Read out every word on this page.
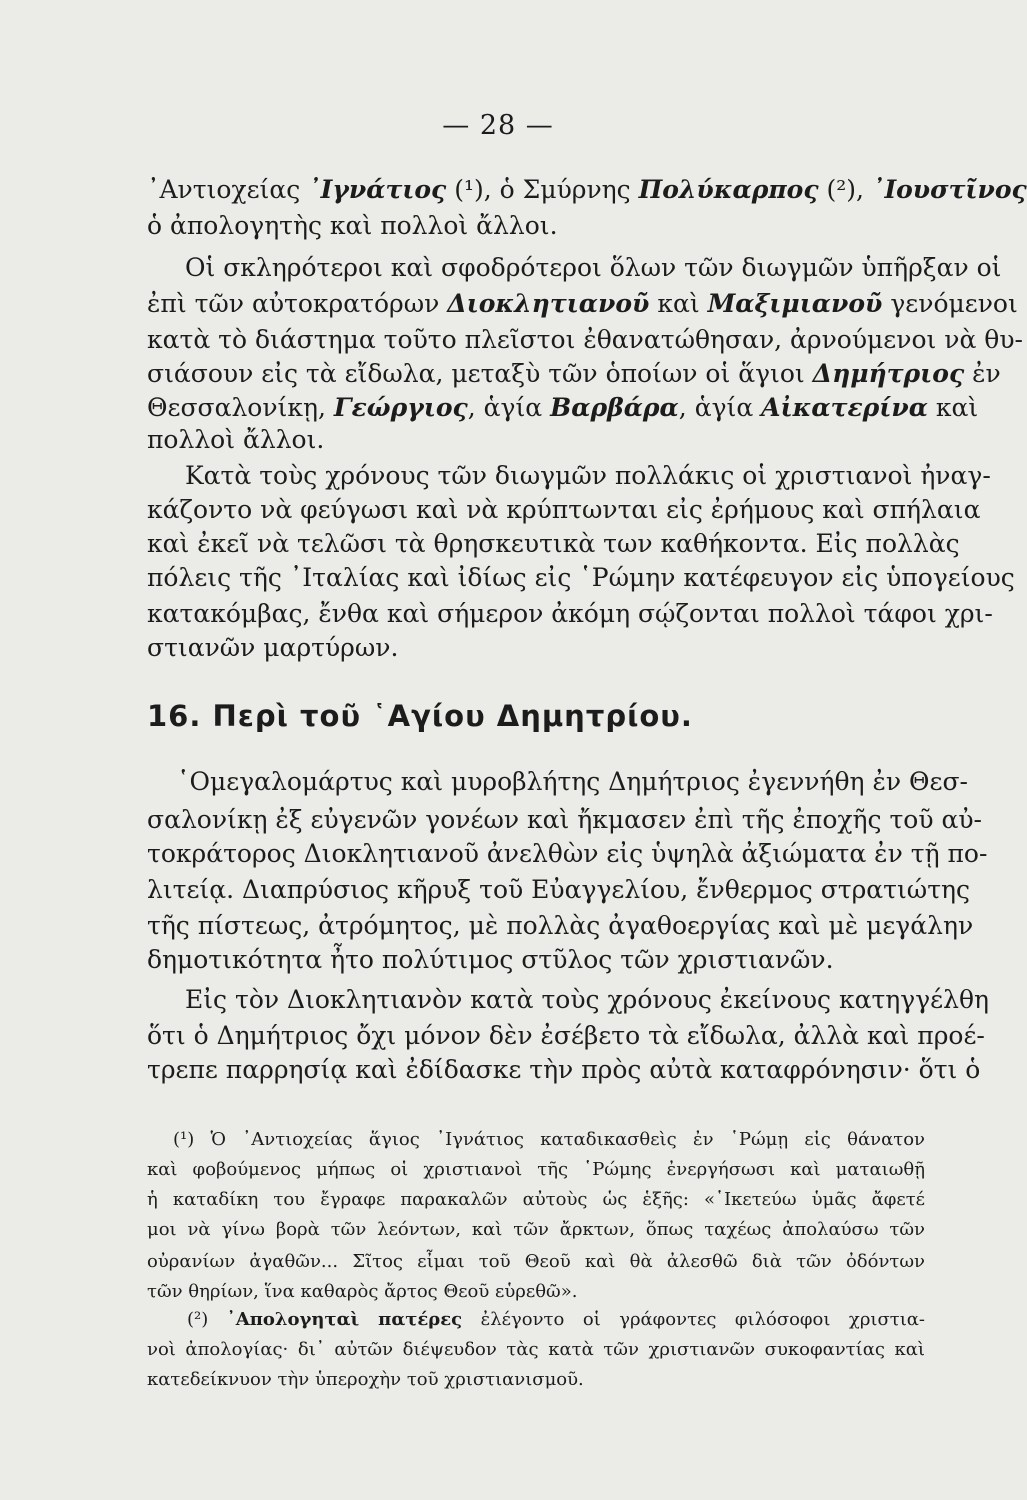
— 28 —
᾿Αντιοχείας ᾿Ιγνάτιος (¹), ὁ Σμύρνης Πολύκαρπος (²), ᾿Ιουστῖνος
ὁ ἀπολογητὴς καὶ πολλοὶ ἄλλοι.
Οἱ σκληρότεροι καὶ σφοδρότεροι ὅλων τῶν διωγμῶν ὑπῆρξαν οἱ
ἐπὶ τῶν αὐτοκρατόρων Διοκλητιανοῦ καὶ Μαξιμιανοῦ γενόμενοι
κατὰ τὸ διάστημα τοῦτο πλεῖστοι ἐθανατώθησαν, ἀρνούμενοι νὰ θυ-
σιάσουν εἰς τὰ εἴδωλα, μεταξὺ τῶν ὁποίων οἱ ἅγιοι Δημήτριος ἐν
Θεσσαλονίκῃ, Γεώργιος, ἁγία Βαρβάρα, ἁγία Αἰκατερίνα καὶ
πολλοὶ ἄλλοι.
Κατὰ τοὺς χρόνους τῶν διωγμῶν πολλάκις οἱ χριστιανοὶ ἠναγ-
κάζοντο νὰ φεύγωσι καὶ νὰ κρύπτωνται εἰς ἐρήμους καὶ σπήλαια
καὶ ἐκεῖ νὰ τελῶσι τὰ θρησκευτικὰ των καθήκοντα. Εἰς πολλὰς
πόλεις τῆς ᾿Ιταλίας καὶ ἰδίως εἰς ῾Ρώμην κατέφευγον εἰς ὑπογείους
κατακόμβας, ἔνθα καὶ σήμερον ἀκόμη σῴζονται πολλοὶ τάφοι χρι-
στιανῶν μαρτύρων.
16. Περὶ τοῦ ῾Αγίου Δημητρίου.
῾Ομεγαλομάρτυς καὶ μυροβλήτης Δημήτριος ἐγεννήθη ἐν Θεσ-
σαλονίκῃ ἐξ εὐγενῶν γονέων καὶ ἤκμασεν ἐπὶ τῆς ἐποχῆς τοῦ αὐ-
τοκράτορος Διοκλητιανοῦ ἀνελθὼν εἰς ὑψηλὰ ἀξιώματα ἐν τῇ πο-
λιτείᾳ. Διαπρύσιος κῆρυξ τοῦ Εὐαγγελίου, ἔνθερμος στρατιώτης
τῆς πίστεως, ἀτρόμητος, μὲ πολλὰς ἀγαθοεργίας καὶ μὲ μεγάλην
δημοτικότητα ἦτο πολύτιμος στῦλος τῶν χριστιανῶν.
Εἰς τὸν Διοκλητιανὸν κατὰ τοὺς χρόνους ἐκείνους κατηγγέλθη
ὅτι ὁ Δημήτριος ὄχι μόνον δὲν ἐσέβετο τὰ εἴδωλα, ἀλλὰ καὶ προέ-
τρεπε παρρησίᾳ καὶ ἐδίδασκε τὴν πρὸς αὐτὰ καταφρόνησιν· ὅτι ὁ
(¹) Ὁ ᾿Αντιοχείας ἅγιος ᾿Ιγνάτιος καταδικασθεὶς ἐν ῾Ρώμῃ εἰς θάνατον
καὶ φοβούμενος μήπως οἱ χριστιανοὶ τῆς ῾Ρώμης ἐνεργήσωσι καὶ ματαιωθῇ
ἡ καταδίκη του ἔγραφε παρακαλῶν αὐτοὺς ὡς ἑξῆς: «῾Ικετεύω ὑμᾶς ἄφετέ
μοι νὰ γίνω βορὰ τῶν λεόντων, καὶ τῶν ἄρκτων, ὅπως ταχέως ἀπολαύσω τῶν
οὐρανίων ἀγαθῶν... Σῖτος εἶμαι τοῦ Θεοῦ καὶ θὰ ἀλεσθῶ διὰ τῶν ὀδόντων
τῶν θηρίων, ἵνα καθαρὸς ἄρτος Θεοῦ εὑρεθῶ».
(²) ᾿Απολογηταὶ πατέρες ἐλέγοντο οἱ γράφοντες φιλόσοφοι χριστια-
νοὶ ἀπολογίας· δι᾿ αὐτῶν διέψευδον τὰς κατὰ τῶν χριστιανῶν συκοφαντίας καὶ
κατεδείκνυον τὴν ὑπεροχὴν τοῦ χριστιανισμοῦ.
